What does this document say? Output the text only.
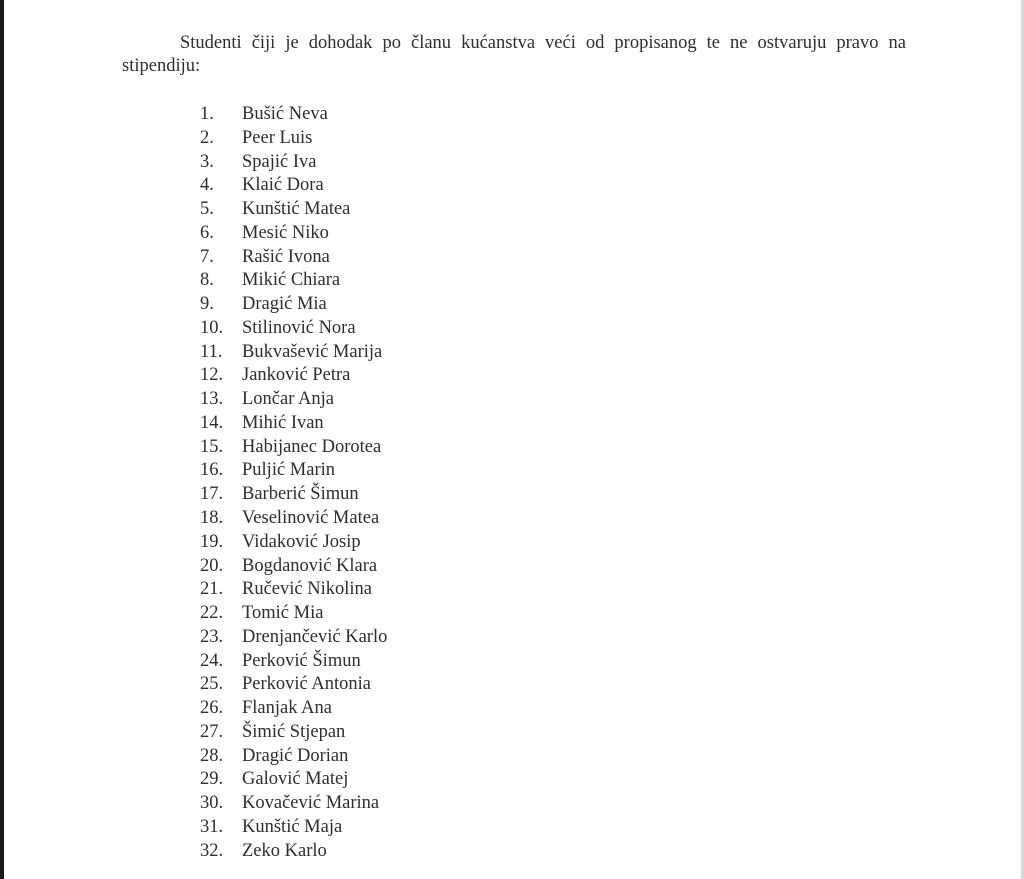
Studenti čiji je dohodak po članu kućanstva veći od propisanog te ne ostvaruju pravo na stipendiju:

1. Bušić Neva
2. Peer Luis
3. Spajić Iva
4. Klaić Dora
5. Kunštić Matea
6. Mesić Niko
7. Rašić Ivona
8. Mikić Chiara
9. Dragić Mia
10. Stilinović Nora
11. Bukvašević Marija
12. Janković Petra
13. Lončar Anja
14. Mihić Ivan
15. Habijanec Dorotea
16. Puljić Marin
17. Barberić Šimun
18. Veselinović Matea
19. Vidaković Josip
20. Bogdanović Klara
21. Ručević Nikolina
22. Tomić Mia
23. Drenjančević Karlo
24. Perković Šimun
25. Perković Antonia
26. Flanjak Ana
27. Šimić Stjepan
28. Dragić Dorian
29. Galović Matej
30. Kovačević Marina
31. Kunštić Maja
32. Zeko Karlo
